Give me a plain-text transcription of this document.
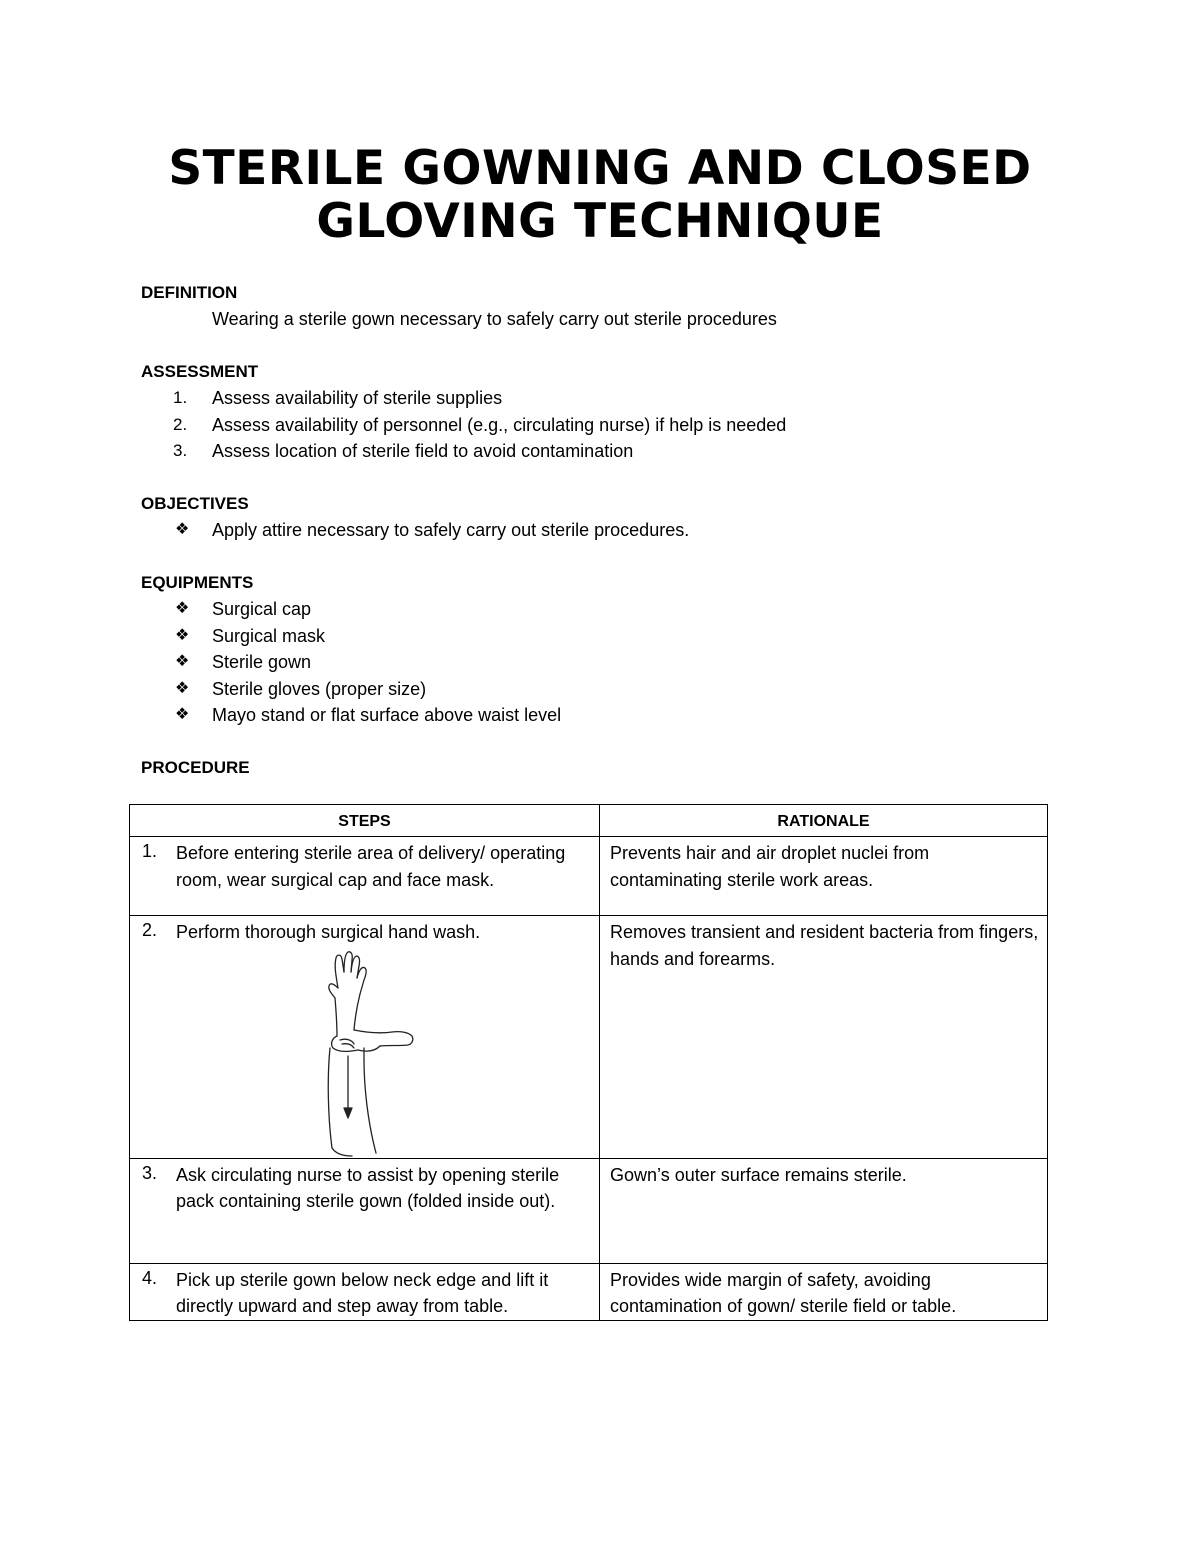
STERILE GOWNING AND CLOSED
GLOVING TECHNIQUE
DEFINITION
Wearing a sterile gown necessary to safely carry out sterile procedures
ASSESSMENT
1.	Assess availability of sterile supplies
2.	Assess availability of personnel (e.g., circulating nurse) if help is needed
3.	Assess location of sterile field to avoid contamination
OBJECTIVES
❖ Apply attire necessary to safely carry out sterile procedures.
EQUIPMENTS
❖ Surgical cap
❖ Surgical mask
❖ Sterile gown
❖ Sterile gloves (proper size)
❖ Mayo stand or flat surface above waist level
PROCEDURE
STEPS	RATIONALE

1. Before entering sterile area of delivery/ operating room, wear surgical cap and face mask.	Prevents hair and air droplet nuclei from contaminating sterile work areas.

2. Perform thorough surgical hand wash.	Removes transient and resident bacteria from fingers, hands and forearms.

3. Ask circulating nurse to assist by opening sterile pack containing sterile gown (folded inside out).	Gown’s outer surface remains sterile.

4. Pick up sterile gown below neck edge and lift it directly upward and step away from table.	Provides wide margin of safety, avoiding contamination of gown/ sterile field or table.
